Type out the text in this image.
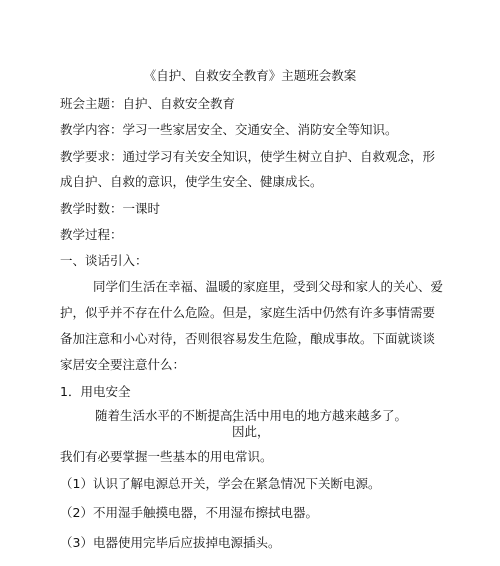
《自护、自救安全教育》主题班会教案

班会主题：自护、自救安全教育

教学内容：学习一些家居安全、交通安全、消防安全等知识。

教学要求：通过学习有关安全知识，使学生树立自护、自救观念，形

成自护、自救的意识，使学生安全、健康成长。

教学时数：一课时

教学过程：

一、谈话引入：

同学们生活在幸福、温暖的家庭里，受到父母和家人的关心、爱

护，似乎并不存在什么危险。但是，家庭生活中仍然有许多事情需要

备加注意和小心对待，否则很容易发生危险，酿成事故。下面就谈谈

家居安全要注意什么：

1．用电安全

随着生活水平的不断提高，

生活中用电的地方越来越多了。

因此，

我们有必要掌握一些基本的用电常识。

（1）认识了解电源总开关，学会在紧急情况下关断电源。

（2）不用湿手触摸电器，不用湿布擦拭电器。

（3）电器使用完毕后应拔掉电源插头。
